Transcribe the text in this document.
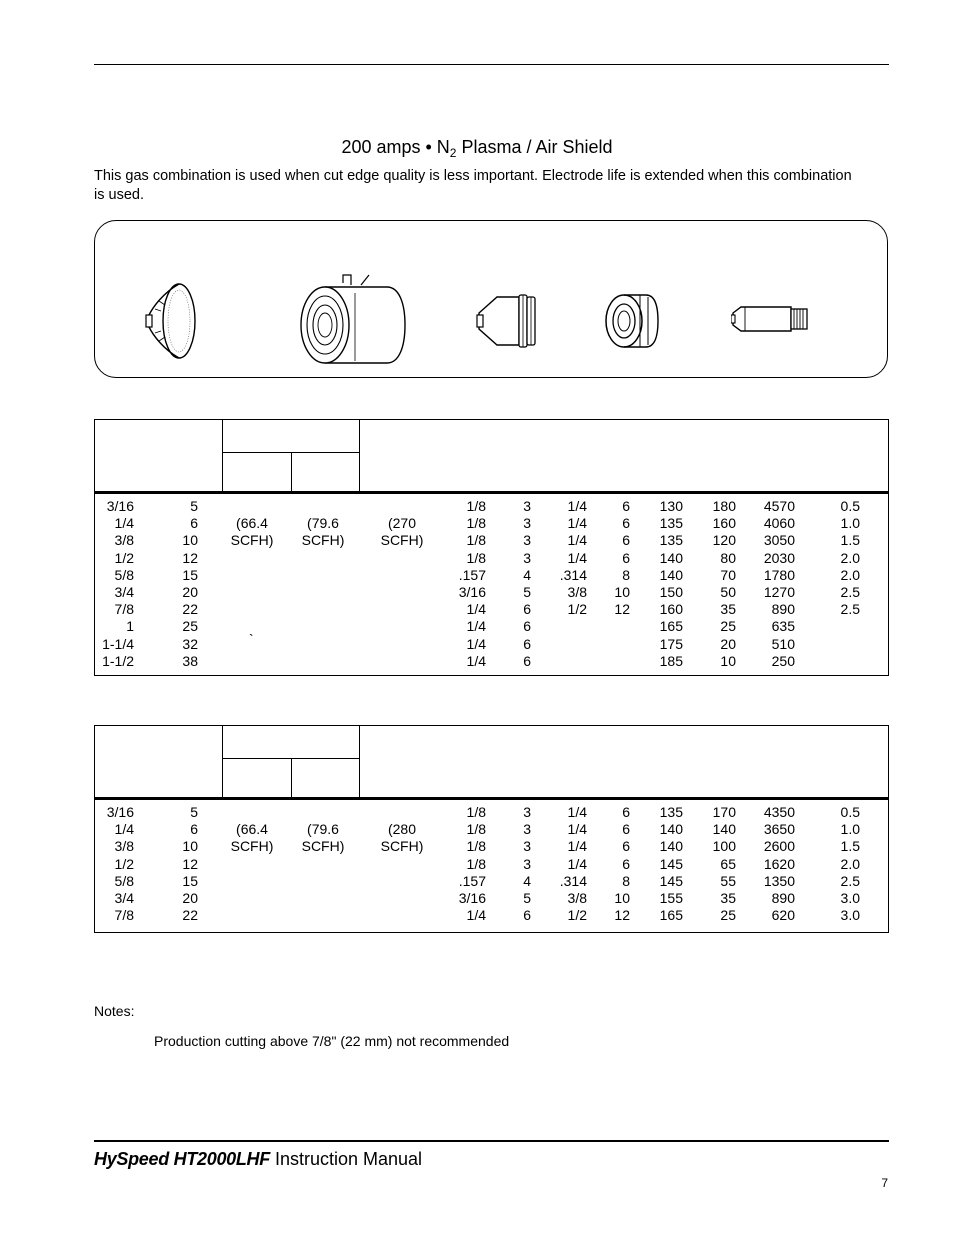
200 amps • $N_2$ Plasma / Air Shield
This gas combination is used when cut edge quality is less important. Electrode life is extended when this combination is used.
`
Notes:
Production cutting above 7/8" (22 mm) not recommended
HySpeed HT2000LHF Instruction Manual
7
3/16
1/4
3/8
1/2
5/8
3/4
7/8
1
1-1/4
1-1/2
5
6
10
12
15
20
22
25
32
38
1/8
1/8
1/8
1/8
.157
3/16
1/4
1/4
1/4
1/4
3
3
3
3
4
5
6
6
6
6
1/4
1/4
1/4
1/4
.314
3/8
1/2
6
6
6
6
8
10
12
130
135
135
140
140
150
160
165
175
185
180
160
120
80
70
50
35
25
20
10
4570
4060
3050
2030
1780
1270
890
635
510
250
0.5
1.0
1.5
2.0
2.0
2.5
2.5
(66.4
SCFH)
(79.6
SCFH)
(270
SCFH)
3/16
1/4
3/8
1/2
5/8
3/4
7/8
5
6
10
12
15
20
22
1/8
1/8
1/8
1/8
.157
3/16
1/4
3
3
3
3
4
5
6
1/4
1/4
1/4
1/4
.314
3/8
1/2
6
6
6
6
8
10
12
135
140
140
145
145
155
165
170
140
100
65
55
35
25
4350
3650
2600
1620
1350
890
620
0.5
1.0
1.5
2.0
2.5
3.0
3.0
(66.4
SCFH)
(79.6
SCFH)
(280
SCFH)
